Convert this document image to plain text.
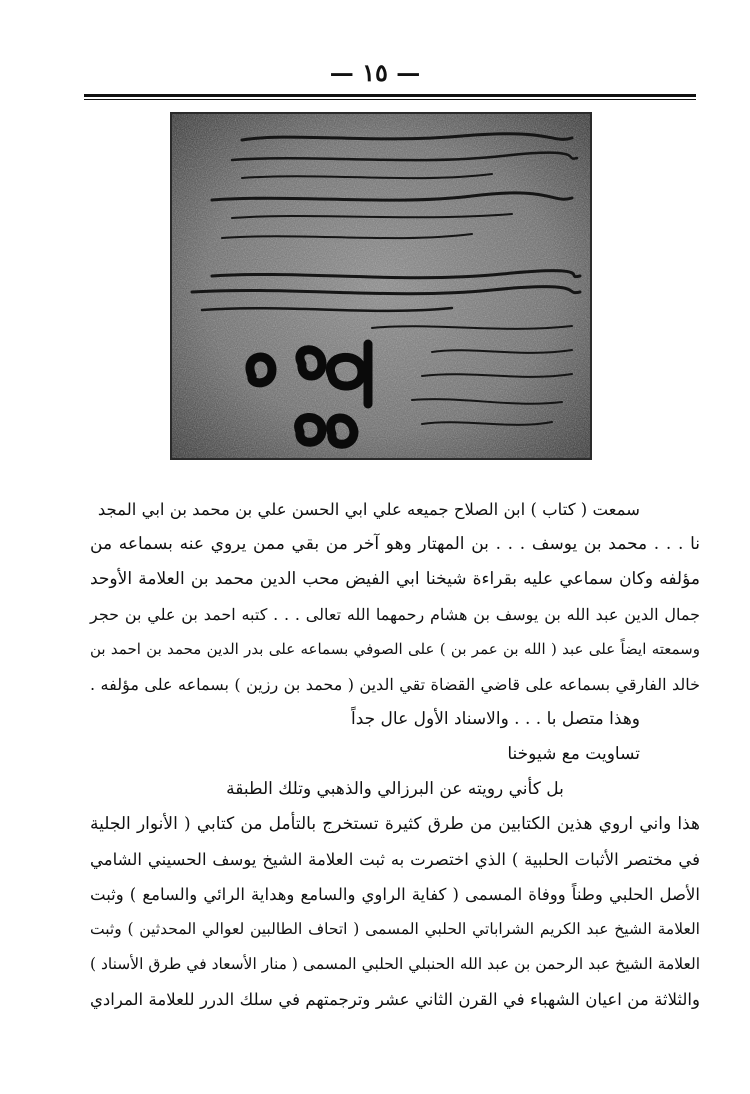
— ١٥ —
سمعت ( كتاب ) ابن الصلاح جميعه علي ابي الحسن علي بن محمد بن ابي المجد
نا . . . محمد بن يوسف . . . بن المهتار وهو آخر من بقي ممن يروي عنه بسماعه من
مؤلفه وكان سماعي عليه بقراءة شيخنا ابي الفيض محب الدين محمد بن العلامة الأوحد
جمال الدين عبد الله بن يوسف بن هشام رحمهما الله تعالى . . . كتبه احمد بن علي بن حجر
وسمعته ايضاً على عبد ( الله بن عمر بن ) على الصوفي بسماعه على بدر الدين محمد بن احمد بن
خالد الفارقي بسماعه على قاضي القضاة تقي الدين ( محمد بن رزين ) بسماعه على مؤلفه .
وهذا متصل با . . . والاسناد الأول عال جداً
تساويت مع شيوخنا
بل كأني رويته عن البرزالي والذهبي وتلك الطبقة
هذا واني اروي هذين الكتابين من طرق كثيرة تستخرج بالتأمل من كتابي ( الأنوار الجلية
في مختصر الأثبات الحلبية ) الذي اختصرت به ثبت العلامة الشيخ يوسف الحسيني الشامي
الأصل الحلبي وطناً ووفاة المسمى ( كفاية الراوي والسامع وهداية الرائي والسامع ) وثبت
العلامة الشيخ عبد الكريم الشراباتي الحلبي المسمى ( اتحاف الطالبين لعوالي المحدثين ) وثبت
العلامة الشيخ عبد الرحمن بن عبد الله الحنبلي الحلبي المسمى ( منار الأسعاد في طرق الأسناد )
والثلاثة من اعيان الشهباء في القرن الثاني عشر وترجمتهم في سلك الدرر للعلامة المرادي
